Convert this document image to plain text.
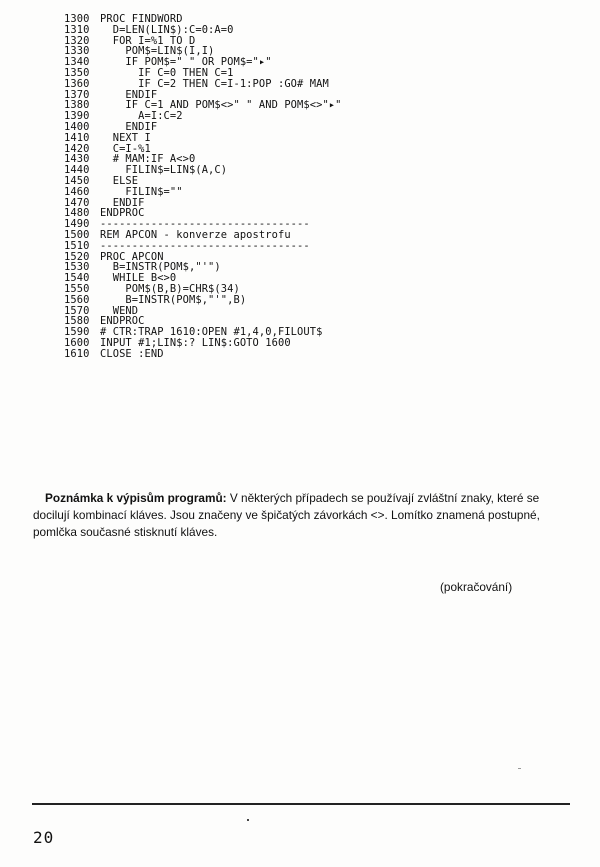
1300 PROC FINDWORD
1310  D=LEN(LIN$):C=0:A=0
1320  FOR I=%1 TO D
1330    POM$=LIN$(I,I)
1340    IF POM$=" " OR POM$="▸"
1350      IF C=0 THEN C=1
1360      IF C=2 THEN C=I-1:POP :GO# MAM
1370    ENDIF
1380    IF C=1 AND POM$<>" " AND POM$<>"▸"
1390      A=I:C=2
1400    ENDIF
1410  NEXT I
1420  C=I-%1
1430  # MAM:IF A<>0
1440    FILIN$=LIN$(A,C)
1450  ELSE
1460    FILIN$=""
1470  ENDIF
1480 ENDPROC
1490 ---------------------------------
1500 REM APCON - konverze apostrofu
1510 ---------------------------------
1520 PROC APCON
1530  B=INSTR(POM$,"'")
1540  WHILE B<>0
1550    POM$(B,B)=CHR$(34)
1560    B=INSTR(POM$,"'",B)
1570  WEND
1580 ENDPROC
1590 # CTR:TRAP 1610:OPEN #1,4,0,FILOUT$
1600 INPUT #1;LIN$:? LIN$:GOTO 1600
1610 CLOSE :END

Poznámka k výpisům programů: V některých případech se používají zvláštní znaky, které se docilují kombinací kláves. Jsou značeny ve špičatých závorkách <>. Lomítko znamená postupné, pomlčka současné stisknutí kláves.

(pokračování)
20
